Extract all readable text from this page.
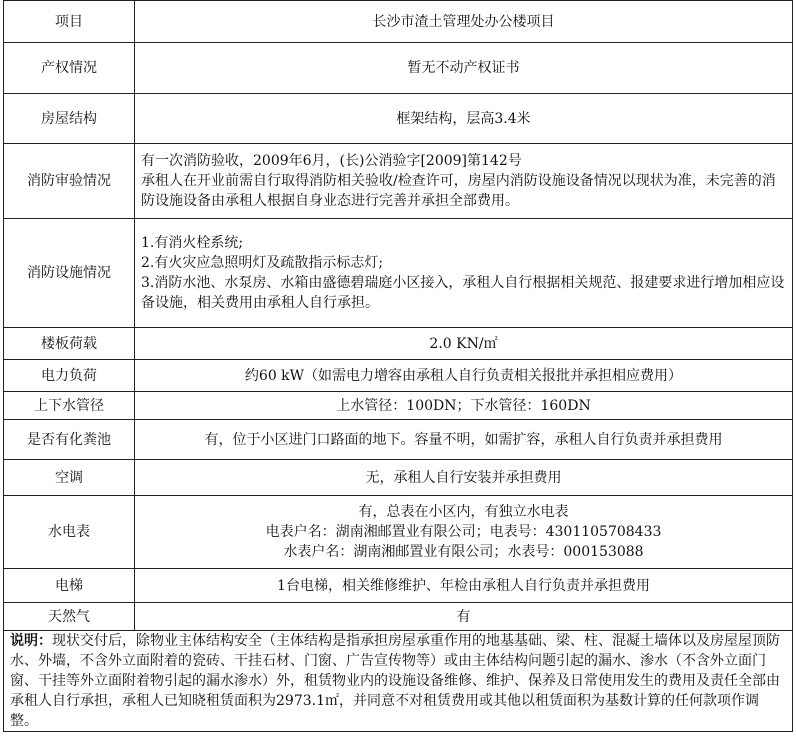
项目	长沙市渣土管理处办公楼项目
产权情况	暂无不动产权证书
房屋结构	框架结构，层高3.4米
消防审验情况	有一次消防验收，2009年6月，(长)公消验字[2009]第142号
承租人在开业前需自行取得消防相关验收/检查许可，房屋内消防设施设备情况以现状为准，未完善的消防设施设备由承租人根据自身业态进行完善并承担全部费用。

消防设施情况	1.有消火栓系统;
2.有火灾应急照明灯及疏散指示标志灯;
3.消防水池、水泵房、水箱由盛德碧瑞庭小区接入，承租人自行根据相关规范、报建要求进行增加相应设备设施，相关费用由承租人自行承担。

楼板荷载	2.0 KN/㎡
电力负荷	约60 kW（如需电力增容由承租人自行负责相关报批并承担相应费用）
上下水管径	上水管径：100DN；下水管径：160DN
是否有化粪池	有，位于小区进门口路面的地下。容量不明，如需扩容，承租人自行负责并承担费用
空调	无，承租人自行安装并承担费用
水电表	有，总表在小区内，有独立水电表
电表户名：湖南湘邮置业有限公司；电表号：4301105708433
水表户名：湖南湘邮置业有限公司；水表号：000153088

电梯	1台电梯，相关维修维护、年检由承租人自行负责并承担费用
天然气	有
说明：现状交付后，除物业主体结构安全（主体结构是指承担房屋承重作用的地基基础、梁、柱、混凝土墙体以及房屋屋顶防水、外墙，不含外立面附着的瓷砖、干挂石材、门窗、广告宣传物等）或由主体结构问题引起的漏水、渗水（不含外立面门窗、干挂等外立面附着物引起的漏水渗水）外，租赁物业内的设施设备维修、维护、保养及日常使用发生的费用及责任全部由承租人自行承担，承租人已知晓租赁面积为2973.1㎡，并同意不对租赁费用或其他以租赁面积为基数计算的任何款项作调整。	
